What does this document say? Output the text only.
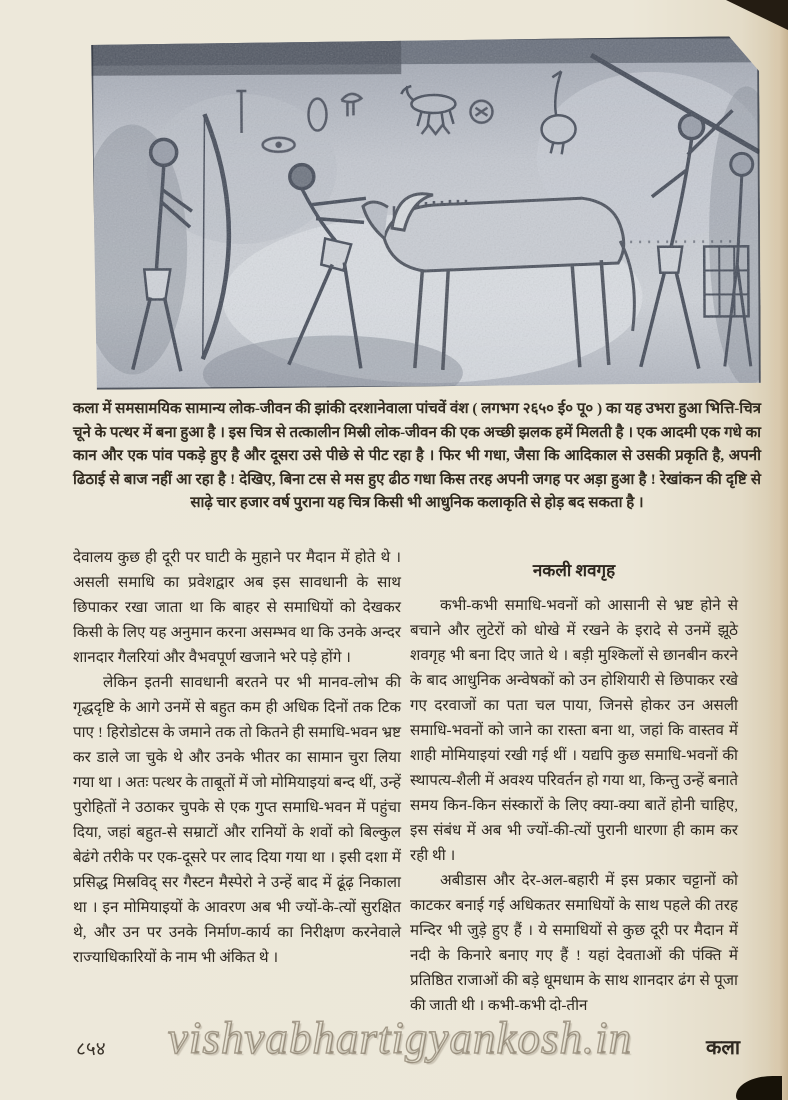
कला में समसामयिक सामान्य लोक-जीवन की झांकी दरशानेवाला पांचवें वंश ( लगभग २६५० ई० पू० ) का यह उभरा हुआ भित्ति-चित्र चूने के पत्थर में बना हुआ है । इस चित्र से तत्कालीन मिस्री लोक-जीवन की एक अच्छी झलक हमें मिलती है । एक आदमी एक गधे का कान और एक पांव पकड़े हुए है और दूसरा उसे पीछे से पीट रहा है । फिर भी गधा, जैसा कि आदिकाल से उसकी प्रकृति है, अपनी ढिठाई से बाज नहीं आ रहा है ! देखिए, बिना टस से मस हुए ढीठ गधा किस तरह अपनी जगह पर अड़ा हुआ है ! रेखांकन की दृष्टि से साढ़े चार हजार वर्ष पुराना यह चित्र किसी भी आधुनिक कलाकृति से होड़ बद सकता है ।

देवालय कुछ ही दूरी पर घाटी के मुहाने पर मैदान में होते थे । असली समाधि का प्रवेशद्वार अब इस सावधानी के साथ छिपाकर रखा जाता था कि बाहर से समाधियों को देखकर किसी के लिए यह अनुमान करना असम्भव था कि उनके अन्दर शानदार गैलरियां और वैभवपूर्ण खजाने भरे पड़े होंगे ।

लेकिन इतनी सावधानी बरतने पर भी मानव-लोभ की गृद्धदृष्टि के आगे उनमें से बहुत कम ही अधिक दिनों तक टिक पाए ! हिरोडोटस के जमाने तक तो कितने ही समाधि-भवन भ्रष्ट कर डाले जा चुके थे और उनके भीतर का सामान चुरा लिया गया था । अतः पत्थर के ताबूतों में जो मोमियाइयां बन्द थीं, उन्हें पुरोहितों ने उठाकर चुपके से एक गुप्त समाधि-भवन में पहुंचा दिया, जहां बहुत-से सम्राटों और रानियों के शवों को बिल्कुल बेढंगे तरीके पर एक-दूसरे पर लाद दिया गया था । इसी दशा में प्रसिद्ध मिस्रविद् सर गैस्टन मैस्पेरो ने उन्हें बाद में ढूंढ़ निकाला था । इन मोमियाइयों के आवरण अब भी ज्यों-के-त्यों सुरक्षित थे, और उन पर उनके निर्माण-कार्य का निरीक्षण करनेवाले राज्याधिकारियों के नाम भी अंकित थे ।

नकली शवगृह

कभी-कभी समाधि-भवनों को आसानी से भ्रष्ट होने से बचाने और लुटेरों को धोखे में रखने के इरादे से उनमें झूठे शवगृह भी बना दिए जाते थे । बड़ी मुश्किलों से छानबीन करने के बाद आधुनिक अन्वेषकों को उन होशियारी से छिपाकर रखे गए दरवाजों का पता चल पाया, जिनसे होकर उन असली समाधि-भवनों को जाने का रास्ता बना था, जहां कि वास्तव में शाही मोमियाइयां रखी गई थीं । यद्यपि कुछ समाधि-भवनों की स्थापत्य-शैली में अवश्य परिवर्तन हो गया था, किन्तु उन्हें बनाते समय किन-किन संस्कारों के लिए क्या-क्या बातें होनी चाहिए, इस संबंध में अब भी ज्यों-की-त्यों पुरानी धारणा ही काम कर रही थी ।

अबीडास और देर-अल-बहारी में इस प्रकार चट्टानों को काटकर बनाई गई अधिकतर समाधियों के साथ पहले की तरह मन्दिर भी जुड़े हुए हैं । ये समाधियों से कुछ दूरी पर मैदान में नदी के किनारे बनाए गए हैं ! यहां देवताओं की पंक्ति में प्रतिष्ठित राजाओं की बड़े धूमधाम के साथ शानदार ढंग से पूजा की जाती थी । कभी-कभी दो-तीन

vishvabhartigyankosh.in
८५४	कला
